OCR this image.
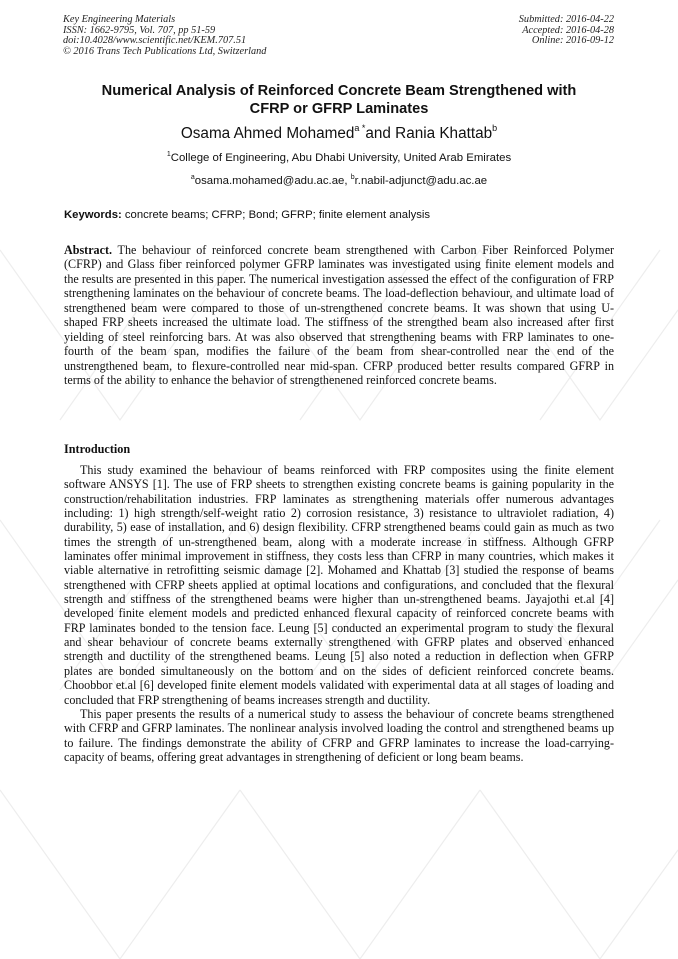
Key Engineering Materials
ISSN: 1662-9795, Vol. 707, pp 51-59
doi:10.4028/www.scientific.net/KEM.707.51
© 2016 Trans Tech Publications Ltd, Switzerland
Submitted: 2016-04-22
Accepted: 2016-04-28
Online: 2016-09-12
Numerical Analysis of Reinforced Concrete Beam Strengthened with
CFRP or GFRP Laminates
Osama Ahmed Mohamed$^{a *}$and Rania Khattab$^b$
$^1$College of Engineering, Abu Dhabi University, United Arab Emirates
$^a$osama.mohamed@adu.ac.ae, $^b$r.nabil-adjunct@adu.ac.ae
Keywords: concrete beams; CFRP; Bond; GFRP; finite element analysis

Abstract. The behaviour of reinforced concrete beam strengthened with Carbon Fiber Reinforced Polymer (CFRP) and Glass fiber reinforced polymer GFRP laminates was investigated using finite element models and the results are presented in this paper. The numerical investigation assessed the effect of the configuration of FRP strengthening laminates on the behaviour of concrete beams. The load-deflection behaviour, and ultimate load of strengthened beam were compared to those of un-strengthened concrete beams. It was shown that using U-shaped FRP sheets increased the ultimate load. The stiffness of the strengthed beam also increased after first yielding of steel reinforcing bars. At was also observed that strengthening beams with FRP laminates to one-fourth of the beam span, modifies the failure of the beam from shear-controlled near the end of the unstrengthened beam, to flexure-controlled near mid-span. CFRP produced better results compared GFRP in terms of the ability to enhance the behavior of strengthenened reinforced concrete beams.

Introduction

This study examined the behaviour of beams reinforced with FRP composites using the finite element software ANSYS [1]. The use of FRP sheets to strengthen existing concrete beams is gaining popularity in the construction/rehabilitation industries. FRP laminates as strengthening materials offer numerous advantages including: 1) high strength/self-weight ratio 2) corrosion resistance, 3) resistance to ultraviolet radiation, 4) durability, 5) ease of installation, and 6) design flexibility. CFRP strengthened beams could gain as much as two times the strength of un-strengthened beam, along with a moderate increase in stiffness. Although GFRP laminates offer minimal improvement in stiffness, they costs less than CFRP in many countries, which makes it viable alternative in retrofitting seismic damage [2]. Mohamed and Khattab [3] studied the response of beams strengthened with CFRP sheets applied at optimal locations and configurations, and concluded that the flexural strength and stiffness of the strengthened beams were higher than un-strengthened beams. Jayajothi et.al [4] developed finite element models and predicted enhanced flexural capacity of reinforced concrete beams with FRP laminates bonded to the tension face. Leung [5] conducted an experimental program to study the flexural and shear behaviour of concrete beams externally strengthened with GFRP plates and observed enhanced strength and ductility of the strengthened beams. Leung [5] also noted a reduction in deflection when GFRP plates are bonded simultaneously on the bottom and on the sides of deficient reinforced concrete beams. Choobbor et.al [6] developed finite element models validated with experimental data at all stages of loading and concluded that FRP strengthening of beams increases strength and ductility.

This paper presents the results of a numerical study to assess the behaviour of concrete beams strengthened with CFRP and GFRP laminates. The nonlinear analysis involved loading the control and strengthened beams up to failure. The findings demonstrate the ability of CFRP and GFRP laminates to increase the load-carrying-capacity of beams, offering great advantages in strengthening of deficient or long beam beams.
